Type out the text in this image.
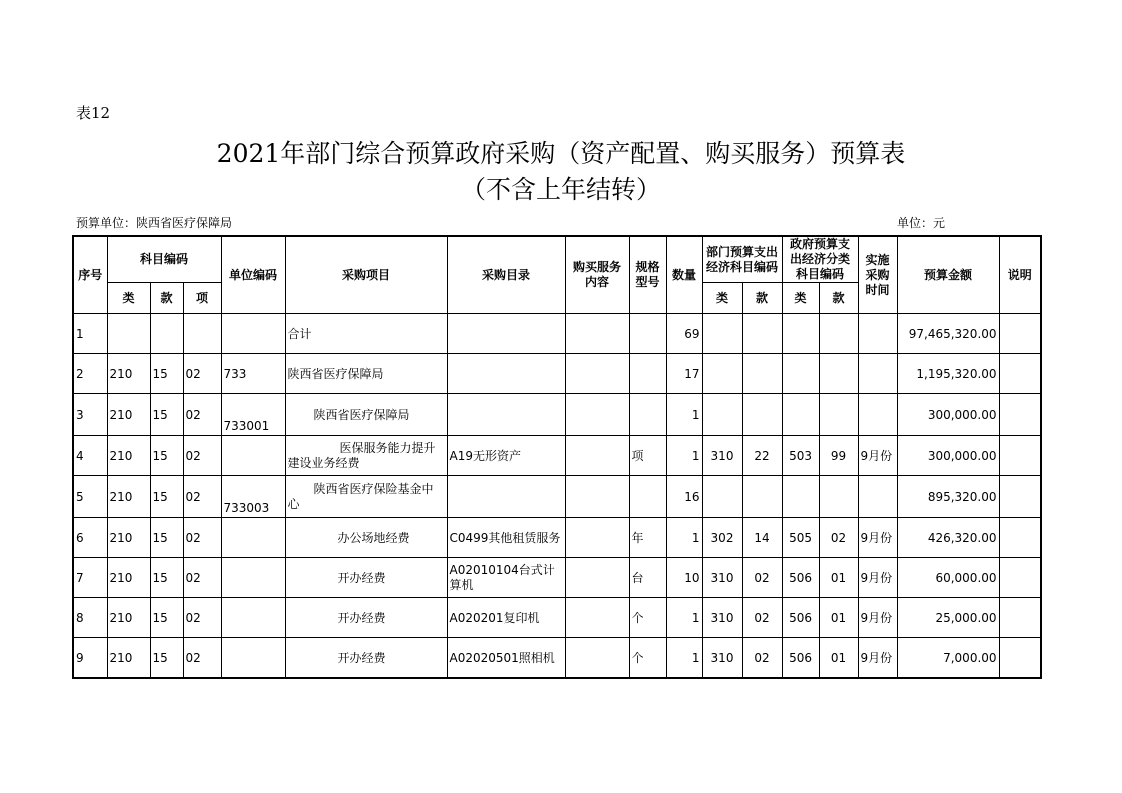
表12
2021年部门综合预算政府采购（资产配置、购买服务）预算表
（不含上年结转）
预算单位：陕西省医疗保障局	单位：元
序号	科目编码			单位编码	采购项目	采购目录	购买服务内容	规格型号	数量	部门预算支出经济科目编码		政府预算支出经济分类科目编码		实施采购时间	预算金额	说明
	类	款	项							类	款	类	款			
1					合计				69						97,465,320.00	
2	210	15	02	733	陕西省医疗保障局				17						1,195,320.00	
3	210	15	02	733001	陕西省医疗保障局				1						300,000.00	
4	210	15	02		医保服务能力提升建设业务经费	A19无形资产		项	1	310	22	503	99	9月份	300,000.00	
5	210	15	02	733003	陕西省医疗保险基金中心				16						895,320.00	
6	210	15	02		办公场地经费	C0499其他租赁服务		年	1	302	14	505	02	9月份	426,320.00	
7	210	15	02		开办经费	A02010104台式计算机		台	10	310	02	506	01	9月份	60,000.00	
8	210	15	02		开办经费	A020201复印机		个	1	310	02	506	01	9月份	25,000.00	
9	210	15	02		开办经费	A02020501照相机		个	1	310	02	506	01	9月份	7,000.00	
